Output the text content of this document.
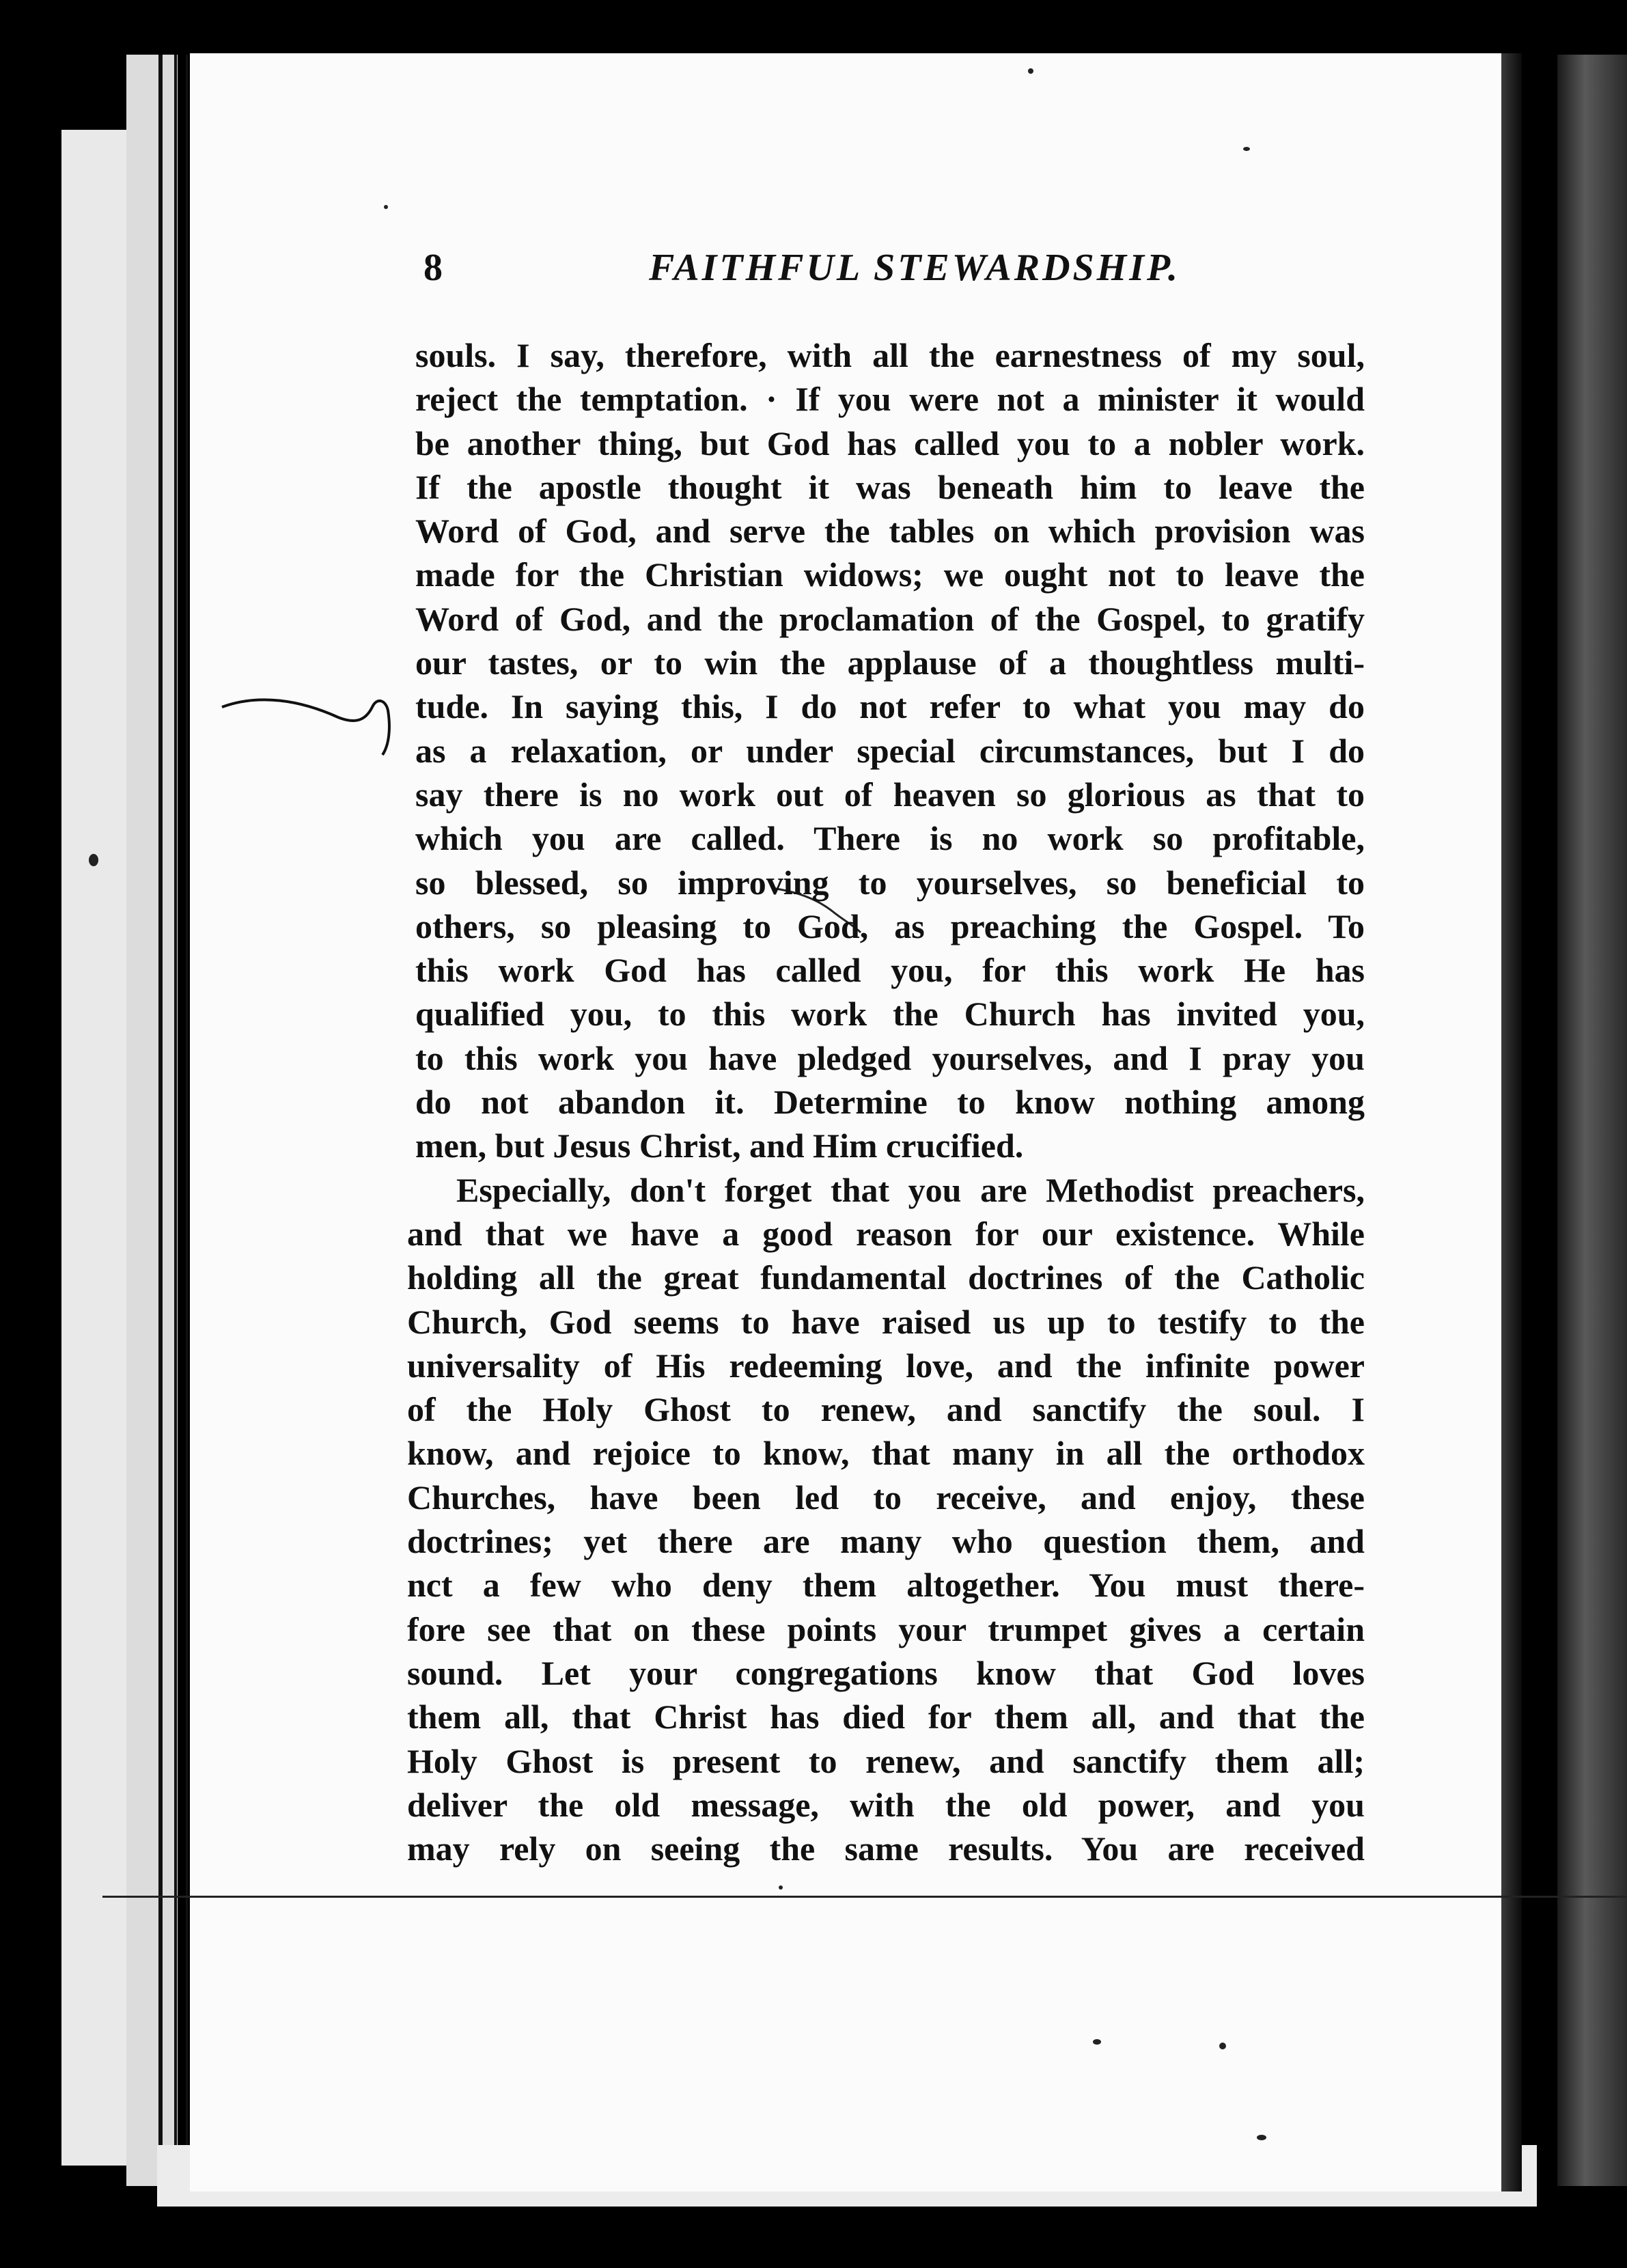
8	FAITHFUL STEWARDSHIP.
souls. I say, therefore, with all the earnestness of my soul,
reject the temptation. · If you were not a minister it would
be another thing, but God has called you to a nobler work.
If the apostle thought it was beneath him to leave the
Word of God, and serve the tables on which provision was
made for the Christian widows; we ought not to leave the
Word of God, and the proclamation of the Gospel, to gratify
our tastes, or to win the applause of a thoughtless multi-
tude. In saying this, I do not refer to what you may do
as a relaxation, or under special circumstances, but I do
say there is no work out of heaven so glorious as that to
which you are called. There is no work so profitable,
so blessed, so improving to yourselves, so beneficial to
others, so pleasing to God, as preaching the Gospel. To
this work God has called you, for this work He has
qualified you, to this work the Church has invited you,
to this work you have pledged yourselves, and I pray you
do not abandon it. Determine to know nothing among
men, but Jesus Christ, and Him crucified.
Especially, don't forget that you are Methodist preachers,
and that we have a good reason for our existence. While
holding all the great fundamental doctrines of the Catholic
Church, God seems to have raised us up to testify to the
universality of His redeeming love, and the infinite power
of the Holy Ghost to renew, and sanctify the soul. I
know, and rejoice to know, that many in all the orthodox
Churches, have been led to receive, and enjoy, these
doctrines; yet there are many who question them, and
nct a few who deny them altogether. You must there-
fore see that on these points your trumpet gives a certain
sound. Let your congregations know that God loves
them all, that Christ has died for them all, and that the
Holy Ghost is present to renew, and sanctify them all;
deliver the old message, with the old power, and you
may rely on seeing the same results. You are received
